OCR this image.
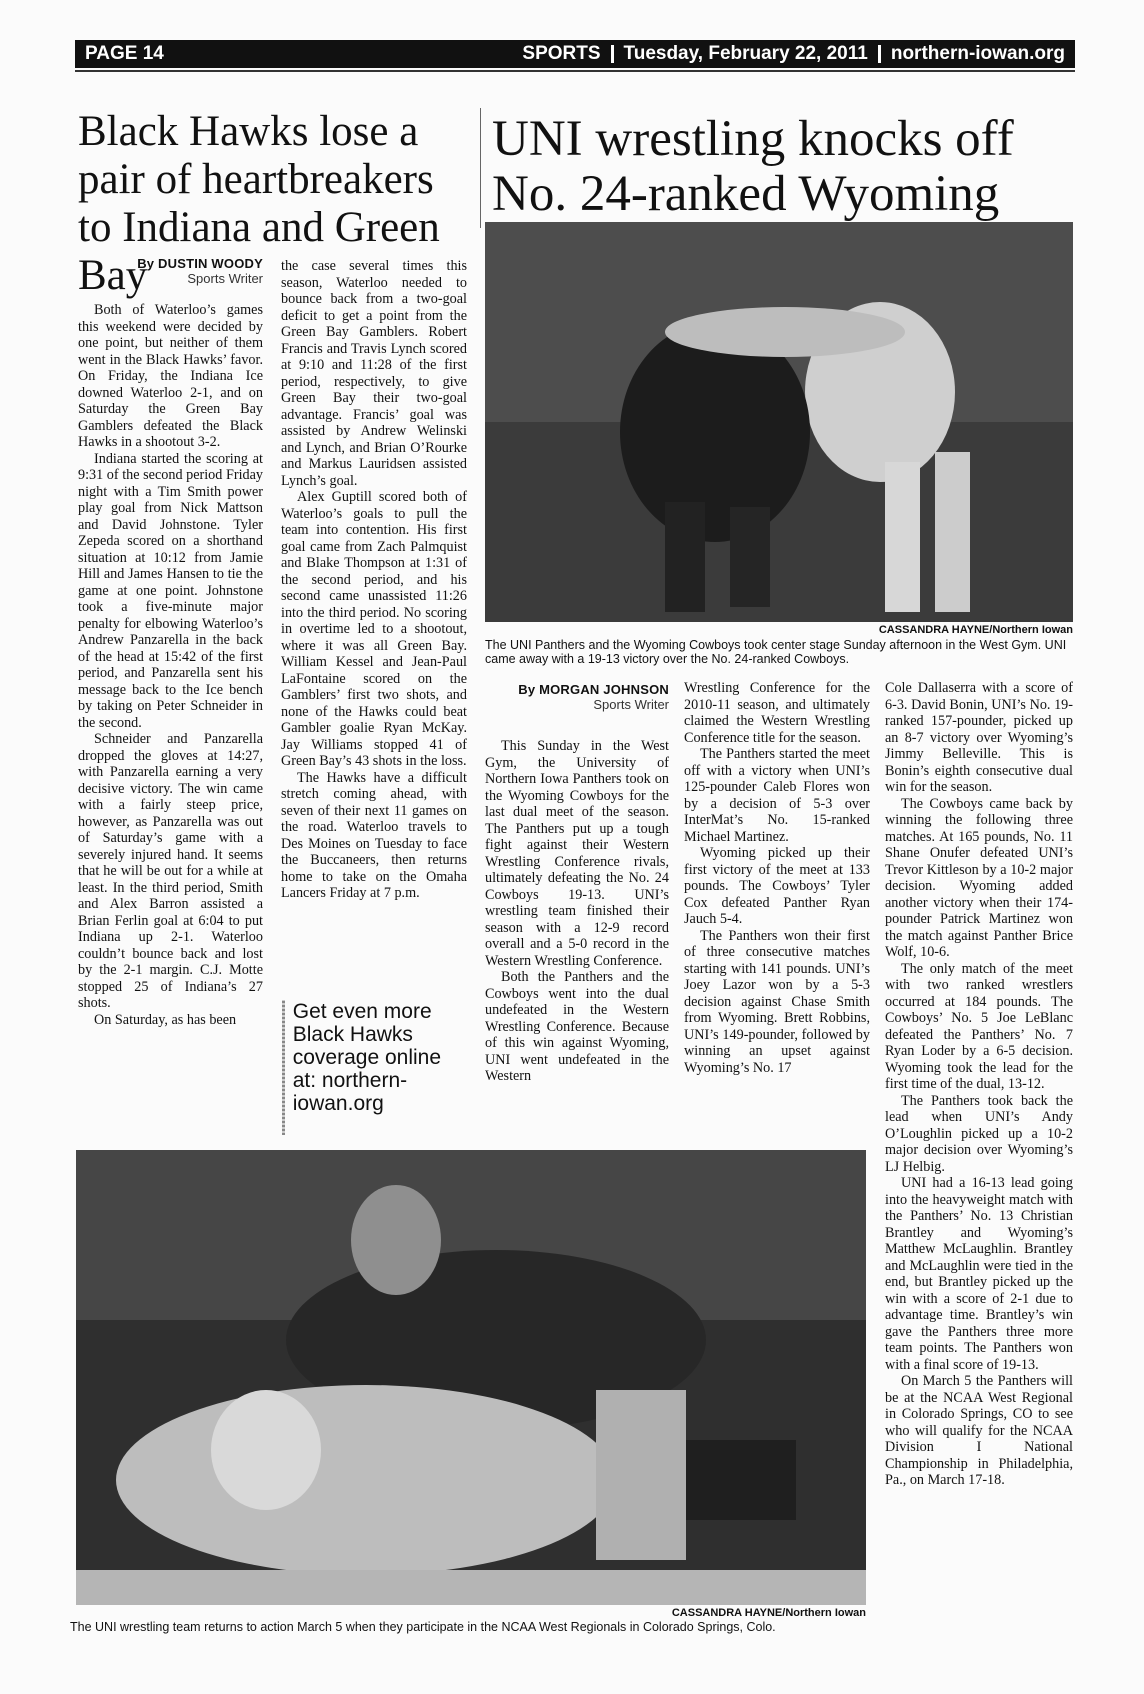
PAGE 14	SPORTS Tuesday, February 22, 2011 northern-iowan.org
Black Hawks lose a pair of heartbreakers to Indiana and Green Bay
UNI wrestling knocks off No. 24-ranked Wyoming
By DUSTIN WOODY
Sports Writer

Both of Waterloo’s games this weekend were decided by one point, but neither of them went in the Black Hawks’ favor. On Friday, the Indiana Ice downed Waterloo 2-1, and on Saturday the Green Bay Gamblers defeated the Black Hawks in a shootout 3-2.

Indiana started the scoring at 9:31 of the second period Friday night with a Tim Smith power play goal from Nick Mattson and David Johnstone. Tyler Zepeda scored on a shorthand situation at 10:12 from Jamie Hill and James Hansen to tie the game at one point. Johnstone took a five-minute major penalty for elbowing Waterloo’s Andrew Panzarella in the back of the head at 15:42 of the first period, and Panzarella sent his message back to the Ice bench by taking on Peter Schneider in the second.

Schneider and Panzarella dropped the gloves at 14:27, with Panzarella earning a very decisive victory. The win came with a fairly steep price, however, as Panzarella was out of Saturday’s game with a severely injured hand. It seems that he will be out for a while at least. In the third period, Smith and Alex Barron assisted a Brian Ferlin goal at 6:04 to put Indiana up 2-1. Waterloo couldn’t bounce back and lost by the 2-1 margin. C.J. Motte stopped 25 of Indiana’s 27 shots.

On Saturday, as has been

the case several times this season, Waterloo needed to bounce back from a two-goal deficit to get a point from the Green Bay Gamblers. Robert Francis and Travis Lynch scored at 9:10 and 11:28 of the first period, respectively, to give Green Bay their two-goal advantage. Francis’ goal was assisted by Andrew Welinski and Lynch, and Brian O’Rourke and Markus Lauridsen assisted Lynch’s goal.

Alex Guptill scored both of Waterloo’s goals to pull the team into contention. His first goal came from Zach Palmquist and Blake Thompson at 1:31 of the second period, and his second came unassisted 11:26 into the third period. No scoring in overtime led to a shootout, where it was all Green Bay. William Kessel and Jean-Paul LaFontaine scored on the Gamblers’ first two shots, and none of the Hawks could beat Gambler goalie Ryan McKay. Jay Williams stopped 41 of Green Bay’s 43 shots in the loss.

The Hawks have a difficult stretch coming ahead, with seven of their next 11 games on the road. Waterloo travels to Des Moines on Tuesday to face the Buccaneers, then returns home to take on the Omaha Lancers Friday at 7 p.m.

Get even more Black Hawks coverage online at: northern-iowan.org
CASSANDRA HAYNE/Northern Iowan
The UNI Panthers and the Wyoming Cowboys took center stage Sunday afternoon in the West Gym. UNI came away with a 19-13 victory over the No. 24-ranked Cowboys.
By MORGAN JOHNSON
Sports Writer

This Sunday in the West Gym, the University of Northern Iowa Panthers took on the Wyoming Cowboys for the last dual meet of the season. The Panthers put up a tough fight against their Western Wrestling Conference rivals, ultimately defeating the No. 24 Cowboys 19-13. UNI’s wrestling team finished their season with a 12-9 record overall and a 5-0 record in the Western Wrestling Conference.

Both the Panthers and the Cowboys went into the dual undefeated in the Western Wrestling Conference. Because of this win against Wyoming, UNI went undefeated in the Western

Wrestling Conference for the 2010-11 season, and ultimately claimed the Western Wrestling Conference title for the season.

The Panthers started the meet off with a victory when UNI’s 125-pounder Caleb Flores won by a decision of 5-3 over InterMat’s No. 15-ranked Michael Martinez.

Wyoming picked up their first victory of the meet at 133 pounds. The Cowboys’ Tyler Cox defeated Panther Ryan Jauch 5-4.

The Panthers won their first of three consecutive matches starting with 141 pounds. UNI’s Joey Lazor won by a 5-3 decision against Chase Smith from Wyoming. Brett Robbins, UNI’s 149-pounder, followed by winning an upset against Wyoming’s No. 17

Cole Dallaserra with a score of 6-3. David Bonin, UNI’s No. 19-ranked 157-pounder, picked up an 8-7 victory over Wyoming’s Jimmy Belleville. This is Bonin’s eighth consecutive dual win for the season.

The Cowboys came back by winning the following three matches. At 165 pounds, No. 11 Shane Onufer defeated UNI’s Trevor Kittleson by a 10-2 major decision. Wyoming added another victory when their 174-pounder Patrick Martinez won the match against Panther Brice Wolf, 10-6.

The only match of the meet with two ranked wrestlers occurred at 184 pounds. The Cowboys’ No. 5 Joe LeBlanc defeated the Panthers’ No. 7 Ryan Loder by a 6-5 decision. Wyoming took the lead for the first time of the dual, 13-12.

The Panthers took back the lead when UNI’s Andy O’Loughlin picked up a 10-2 major decision over Wyoming’s LJ Helbig.

UNI had a 16-13 lead going into the heavyweight match with the Panthers’ No. 13 Christian Brantley and Wyoming’s Matthew McLaughlin. Brantley and McLaughlin were tied in the end, but Brantley picked up the win with a score of 2-1 due to advantage time. Brantley’s win gave the Panthers three more team points. The Panthers won with a final score of 19-13.

On March 5 the Panthers will be at the NCAA West Regional in Colorado Springs, CO to see who will qualify for the NCAA Division I National Championship in Philadelphia, Pa., on March 17-18.

CASSANDRA HAYNE/Northern Iowan
The UNI wrestling team returns to action March 5 when they participate in the NCAA West Regionals in Colorado Springs, Colo.
